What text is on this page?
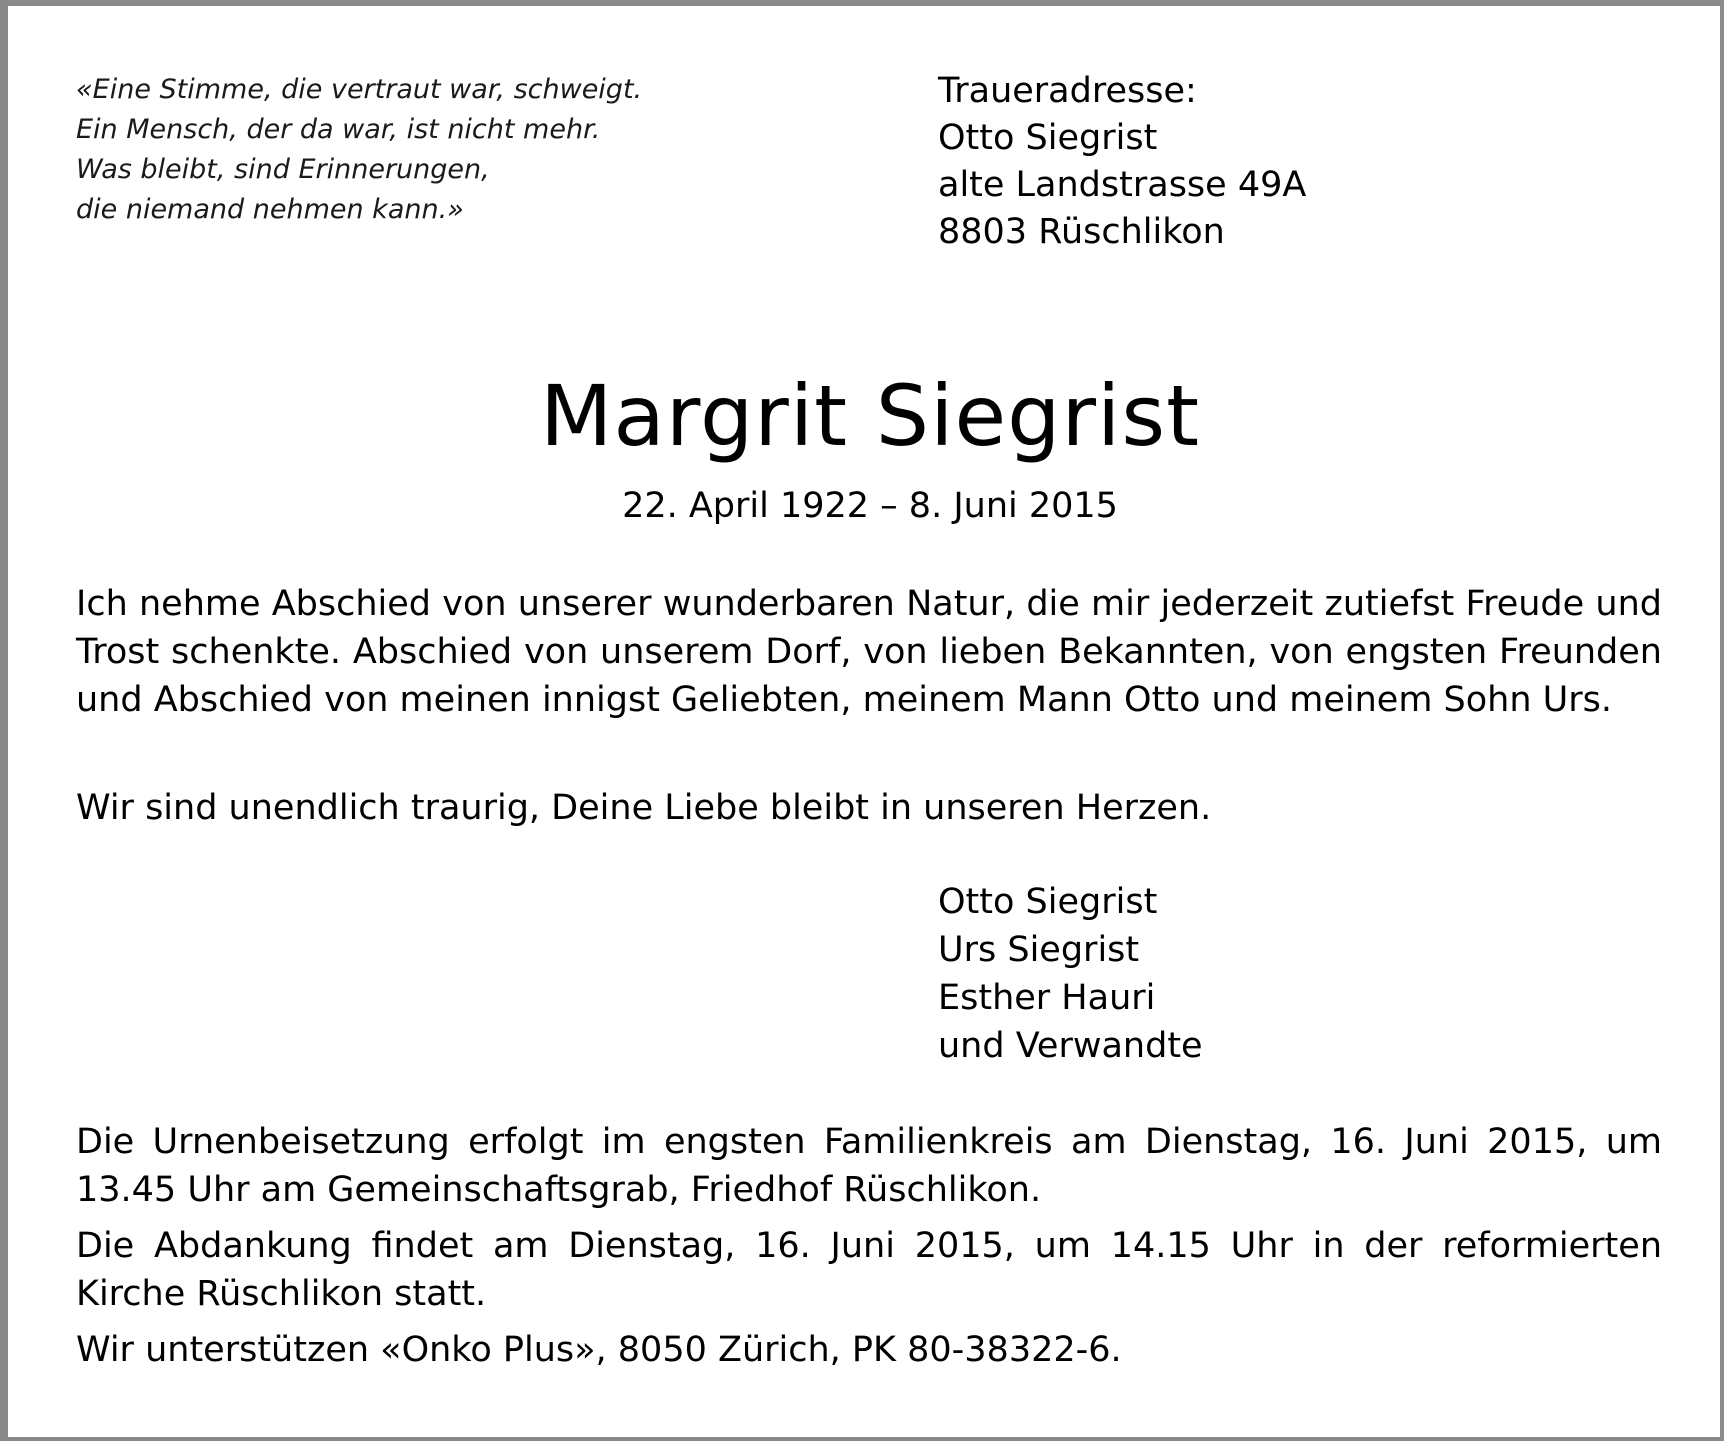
«Eine Stimme, die vertraut war, schweigt.
Ein Mensch, der da war, ist nicht mehr.
Was bleibt, sind Erinnerungen,
die niemand nehmen kann.»
Traueradresse:
Otto Siegrist
alte Landstrasse 49A
8803 Rüschlikon
Margrit Siegrist
22. April 1922 – 8. Juni 2015

Ich nehme Abschied von unserer wunderbaren Natur, die mir jederzeit zutiefst Freude und Trost schenkte. Abschied von unserem Dorf, von lieben Bekannten, von engsten Freunden und Abschied von meinen innigst Geliebten, meinem Mann Otto und meinem Sohn Urs.

Wir sind unendlich traurig, Deine Liebe bleibt in unseren Herzen.

Otto Siegrist
Urs Siegrist
Esther Hauri
und Verwandte

Die Urnenbeisetzung erfolgt im engsten Familienkreis am Dienstag, 16. Juni 2015, um 13.45 Uhr am Gemeinschaftsgrab, Friedhof Rüschlikon.

Die Abdankung findet am Dienstag, 16. Juni 2015, um 14.15 Uhr in der reformierten Kirche Rüschlikon statt.

Wir unterstützen «Onko Plus», 8050 Zürich, PK 80-38322-6.
